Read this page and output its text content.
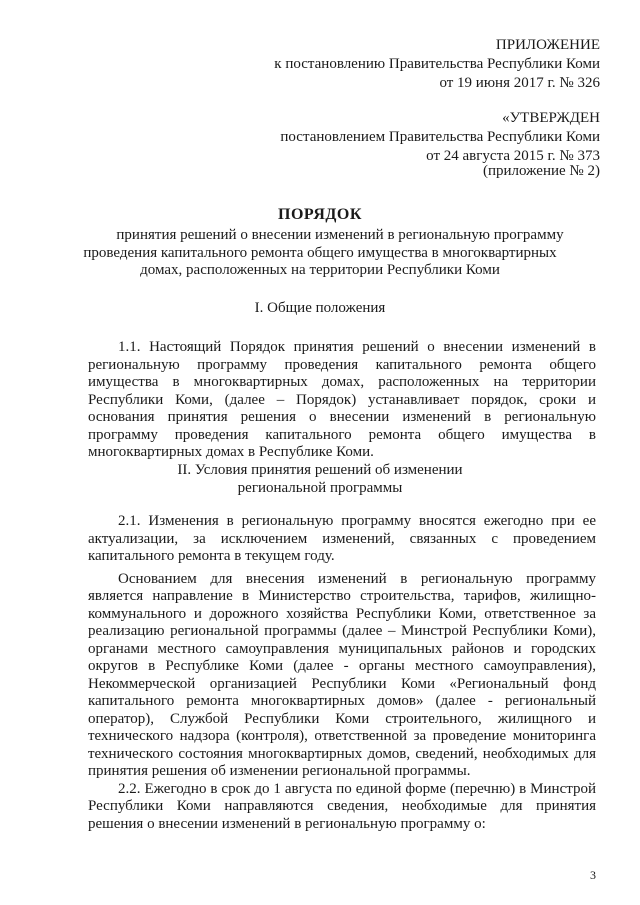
ПРИЛОЖЕНИЕ
к постановлению Правительства Республики Коми
от 19 июня 2017 г. № 326
«УТВЕРЖДЕН
постановлением Правительства Республики Коми
от 24 августа 2015 г. № 373
(приложение № 2)
ПОРЯДОК
принятия решений о внесении изменений в региональную программу
проведения капитального ремонта общего имущества в многоквартирных
домах, расположенных на территории Республики Коми
I. Общие положения

1.1. Настоящий Порядок принятия решений о внесении изменений в региональную программу проведения капитального ремонта общего имущества в многоквартирных домах, расположенных на территории Республики Коми, (далее – Порядок) устанавливает порядок, сроки и основания принятия решения о внесении изменений в региональную программу проведения капитального ремонта общего имущества в многоквартирных домах в Республике Коми.

II. Условия принятия решений об изменении
региональной программы

2.1. Изменения в региональную программу вносятся ежегодно при ее актуализации, за исключением изменений, связанных с проведением капитального ремонта в текущем году.

Основанием для внесения изменений в региональную программу является направление в Министерство строительства, тарифов, жилищно-коммунального и дорожного хозяйства Республики Коми, ответственное за реализацию региональной программы (далее – Минстрой Республики Коми), органами местного самоуправления муниципальных районов и городских округов в Республике Коми (далее - органы местного самоуправления), Некоммерческой организацией Республики Коми «Региональный фонд капитального ремонта многоквартирных домов» (далее - региональный оператор), Службой Республики Коми строительного, жилищного и технического надзора (контроля), ответственной за проведение мониторинга технического состояния многоквартирных домов, сведений, необходимых для принятия решения об изменении региональной программы.

2.2. Ежегодно в срок до 1 августа по единой форме (перечню) в Минстрой Республики Коми направляются сведения, необходимые для принятия решения о внесении изменений в региональную программу о:

3
